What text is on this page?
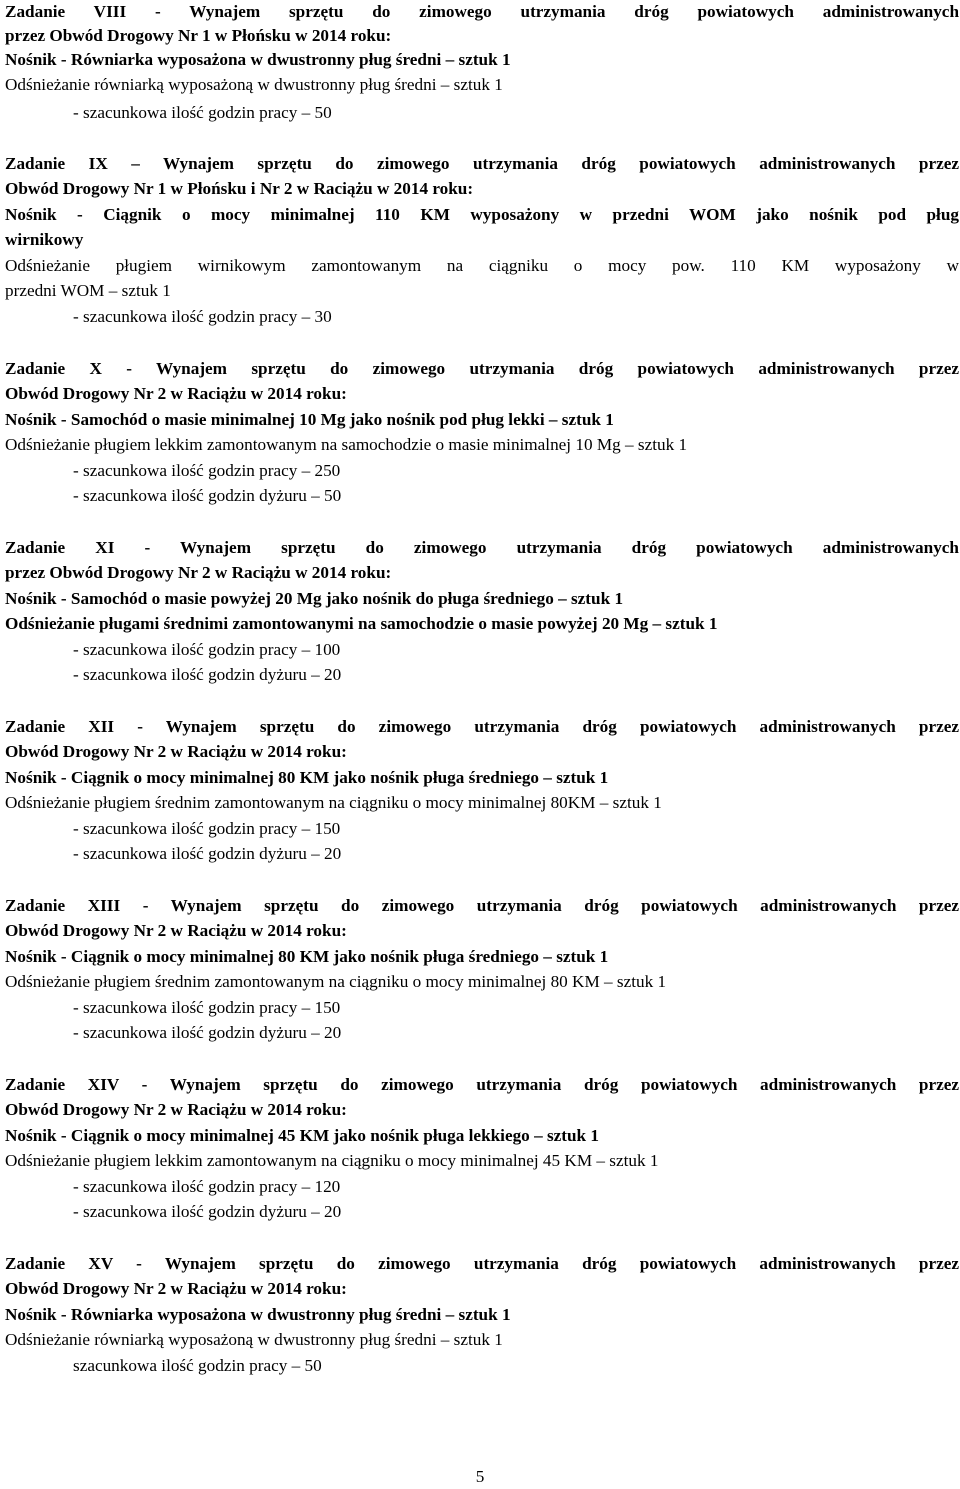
Zadanie VIII - Wynajem sprzętu do zimowego utrzymania dróg powiatowych administrowanych
przez Obwód Drogowy Nr 1 w Płońsku w 2014 roku:
Nośnik - Równiarka wyposażona w dwustronny pług średni – sztuk 1
Odśnieżanie równiarką wyposażoną w dwustronny pług średni – sztuk 1
- szacunkowa ilość godzin pracy – 50
Zadanie IX – Wynajem sprzętu do zimowego utrzymania dróg powiatowych administrowanych przez
Obwód Drogowy Nr 1 w Płońsku i Nr 2 w Raciążu w 2014 roku:
Nośnik - Ciągnik o mocy minimalnej 110 KM wyposażony w przedni WOM jako nośnik pod pług
wirnikowy
Odśnieżanie pługiem wirnikowym zamontowanym na ciągniku o mocy pow. 110 KM wyposażony w
przedni WOM – sztuk 1
- szacunkowa ilość godzin pracy – 30
Zadanie X - Wynajem sprzętu do zimowego utrzymania dróg powiatowych administrowanych przez
Obwód Drogowy Nr 2 w Raciążu w 2014 roku:
Nośnik - Samochód o masie minimalnej 10 Mg jako nośnik pod pług lekki – sztuk 1
Odśnieżanie pługiem lekkim zamontowanym na samochodzie o masie minimalnej 10 Mg – sztuk 1
- szacunkowa ilość godzin pracy – 250
- szacunkowa ilość godzin dyżuru – 50
Zadanie XI - Wynajem sprzętu do zimowego utrzymania dróg powiatowych administrowanych
przez Obwód Drogowy Nr 2 w Raciążu w 2014 roku:
Nośnik - Samochód o masie powyżej 20 Mg jako nośnik do pługa średniego – sztuk 1
Odśnieżanie pługami średnimi zamontowanymi na samochodzie o masie powyżej 20 Mg – sztuk 1
- szacunkowa ilość godzin pracy – 100
- szacunkowa ilość godzin dyżuru – 20
Zadanie XII - Wynajem sprzętu do zimowego utrzymania dróg powiatowych administrowanych przez
Obwód Drogowy Nr 2 w Raciążu w 2014 roku:
Nośnik - Ciągnik o mocy minimalnej 80 KM jako nośnik pługa średniego – sztuk 1
Odśnieżanie pługiem średnim zamontowanym na ciągniku o mocy minimalnej 80KM – sztuk 1
- szacunkowa ilość godzin pracy – 150
- szacunkowa ilość godzin dyżuru – 20
Zadanie XIII - Wynajem sprzętu do zimowego utrzymania dróg powiatowych administrowanych przez
Obwód Drogowy Nr 2 w Raciążu w 2014 roku:
Nośnik - Ciągnik o mocy minimalnej 80 KM jako nośnik pługa średniego – sztuk 1
Odśnieżanie pługiem średnim zamontowanym na ciągniku o mocy minimalnej 80 KM – sztuk 1
- szacunkowa ilość godzin pracy – 150
- szacunkowa ilość godzin dyżuru – 20
Zadanie XIV - Wynajem sprzętu do zimowego utrzymania dróg powiatowych administrowanych przez
Obwód Drogowy Nr 2 w Raciążu w 2014 roku:
Nośnik - Ciągnik o mocy minimalnej 45 KM jako nośnik pługa lekkiego – sztuk 1
Odśnieżanie pługiem lekkim zamontowanym na ciągniku o mocy minimalnej 45 KM – sztuk 1
- szacunkowa ilość godzin pracy – 120
- szacunkowa ilość godzin dyżuru – 20
Zadanie XV - Wynajem sprzętu do zimowego utrzymania dróg powiatowych administrowanych przez
Obwód Drogowy Nr 2 w Raciążu w 2014 roku:
Nośnik - Równiarka wyposażona w dwustronny pług średni – sztuk 1
Odśnieżanie równiarką wyposażoną w dwustronny pług średni – sztuk 1
szacunkowa ilość godzin pracy – 50
5
